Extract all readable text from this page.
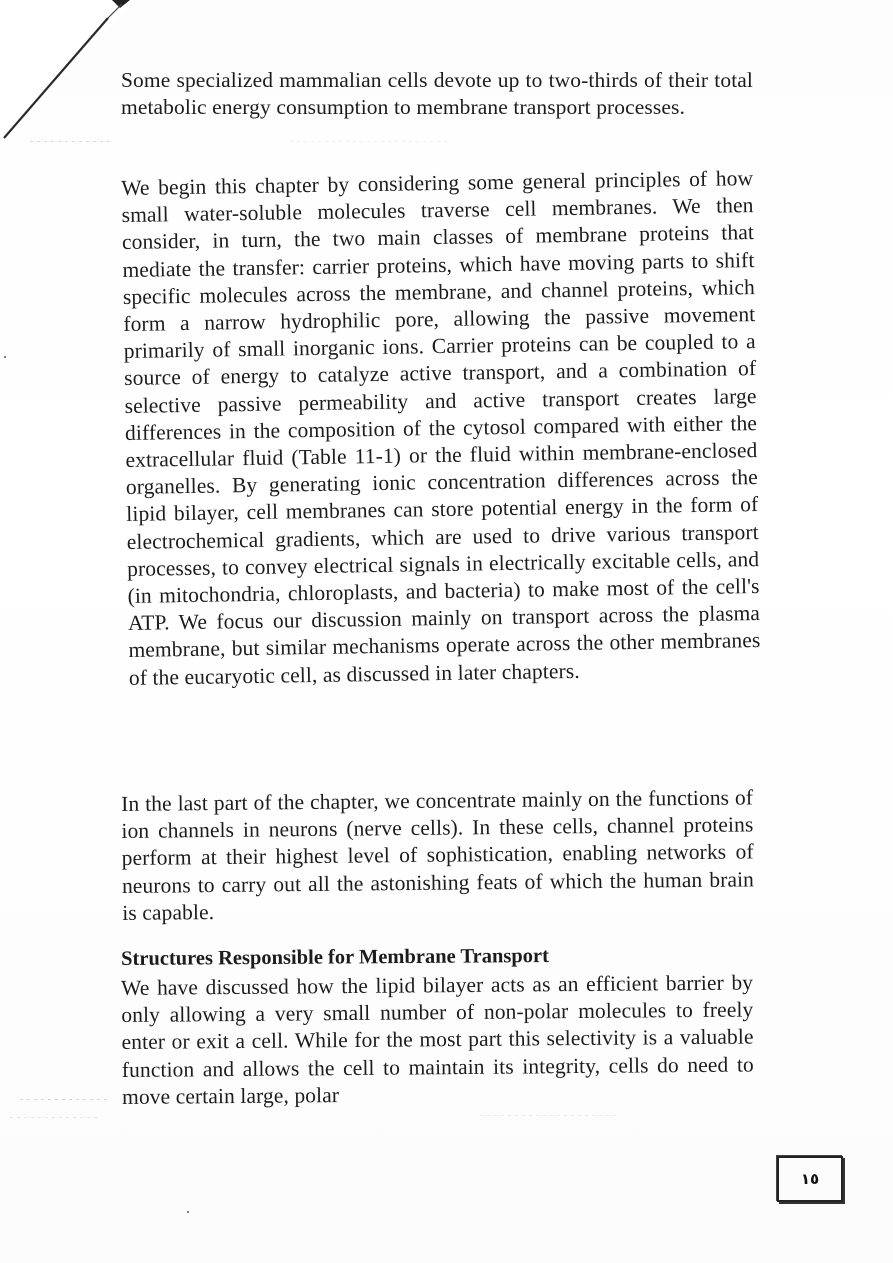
Some specialized mammalian cells devote up to two-thirds of their total metabolic energy consumption to membrane transport processes.

We begin this chapter by considering some general principles of how small water-soluble molecules traverse cell membranes. We then consider, in turn, the two main classes of membrane proteins that mediate the transfer: carrier proteins, which have moving parts to shift specific molecules across the membrane, and channel proteins, which form a narrow hydrophilic pore, allowing the passive movement primarily of small inorganic ions. Carrier proteins can be coupled to a source of energy to catalyze active transport, and a combination of selective passive permeability and active transport creates large differences in the composition of the cytosol compared with either the extracellular fluid (Table 11-1) or the fluid within membrane-enclosed organelles. By generating ionic concentration differences across the lipid bilayer, cell membranes can store potential energy in the form of electrochemical gradients, which are used to drive various transport processes, to convey electrical signals in electrically excitable cells, and (in mitochondria, chloroplasts, and bacteria) to make most of the cell's ATP. We focus our discussion mainly on transport across the plasma membrane, but similar mechanisms operate across the other membranes of the eucaryotic cell, as discussed in later chapters.

In the last part of the chapter, we concentrate mainly on the functions of ion channels in neurons (nerve cells). In these cells, channel proteins perform at their highest level of sophistication, enabling networks of neurons to carry out all the astonishing feats of which the human brain is capable.

Structures Responsible for Membrane Transport

We have discussed how the lipid bilayer acts as an efficient barrier by only allowing a very small number of non-polar molecules to freely enter or exit a cell. While for the most part this selectivity is a valuable function and allows the cell to maintain its integrity, cells do need to move certain large, polar

١٥
